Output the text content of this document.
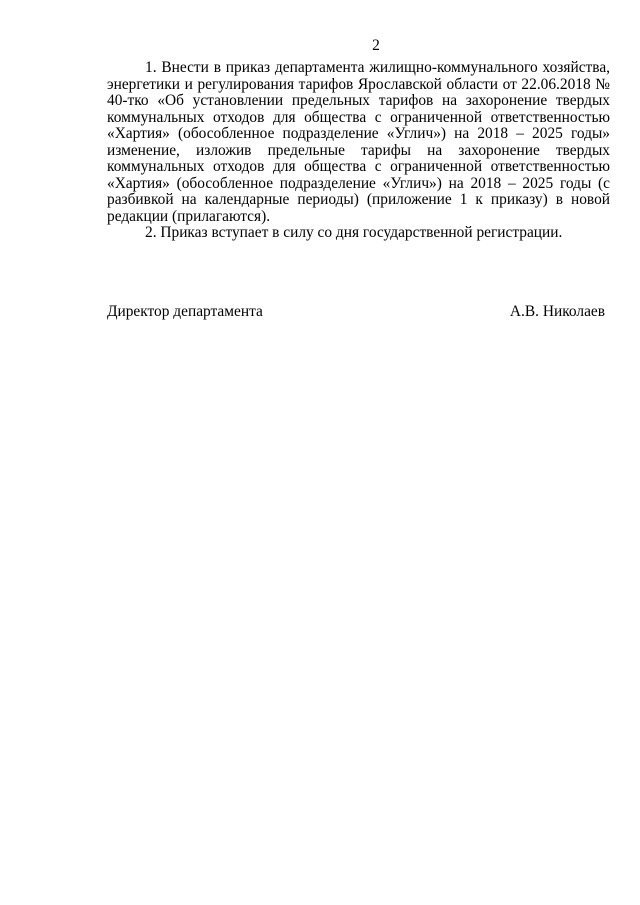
2

1. Внести в приказ департамента жилищно-коммунального хозяйства, энергетики и регулирования тарифов Ярославской области от 22.06.2018 № 40-тко «Об установлении предельных тарифов на захоронение твердых коммунальных отходов для общества с ограниченной ответственностью «Хартия» (обособленное подразделение «Углич») на 2018 – 2025 годы» изменение, изложив предельные тарифы на захоронение твердых коммунальных отходов для общества с ограниченной ответственностью «Хартия» (обособленное подразделение «Углич») на 2018 – 2025 годы (с разбивкой на календарные периоды) (приложение 1 к приказу) в новой редакции (прилагаются).

2. Приказ вступает в силу со дня государственной регистрации.

Директор департамента	А.В. Николаев
